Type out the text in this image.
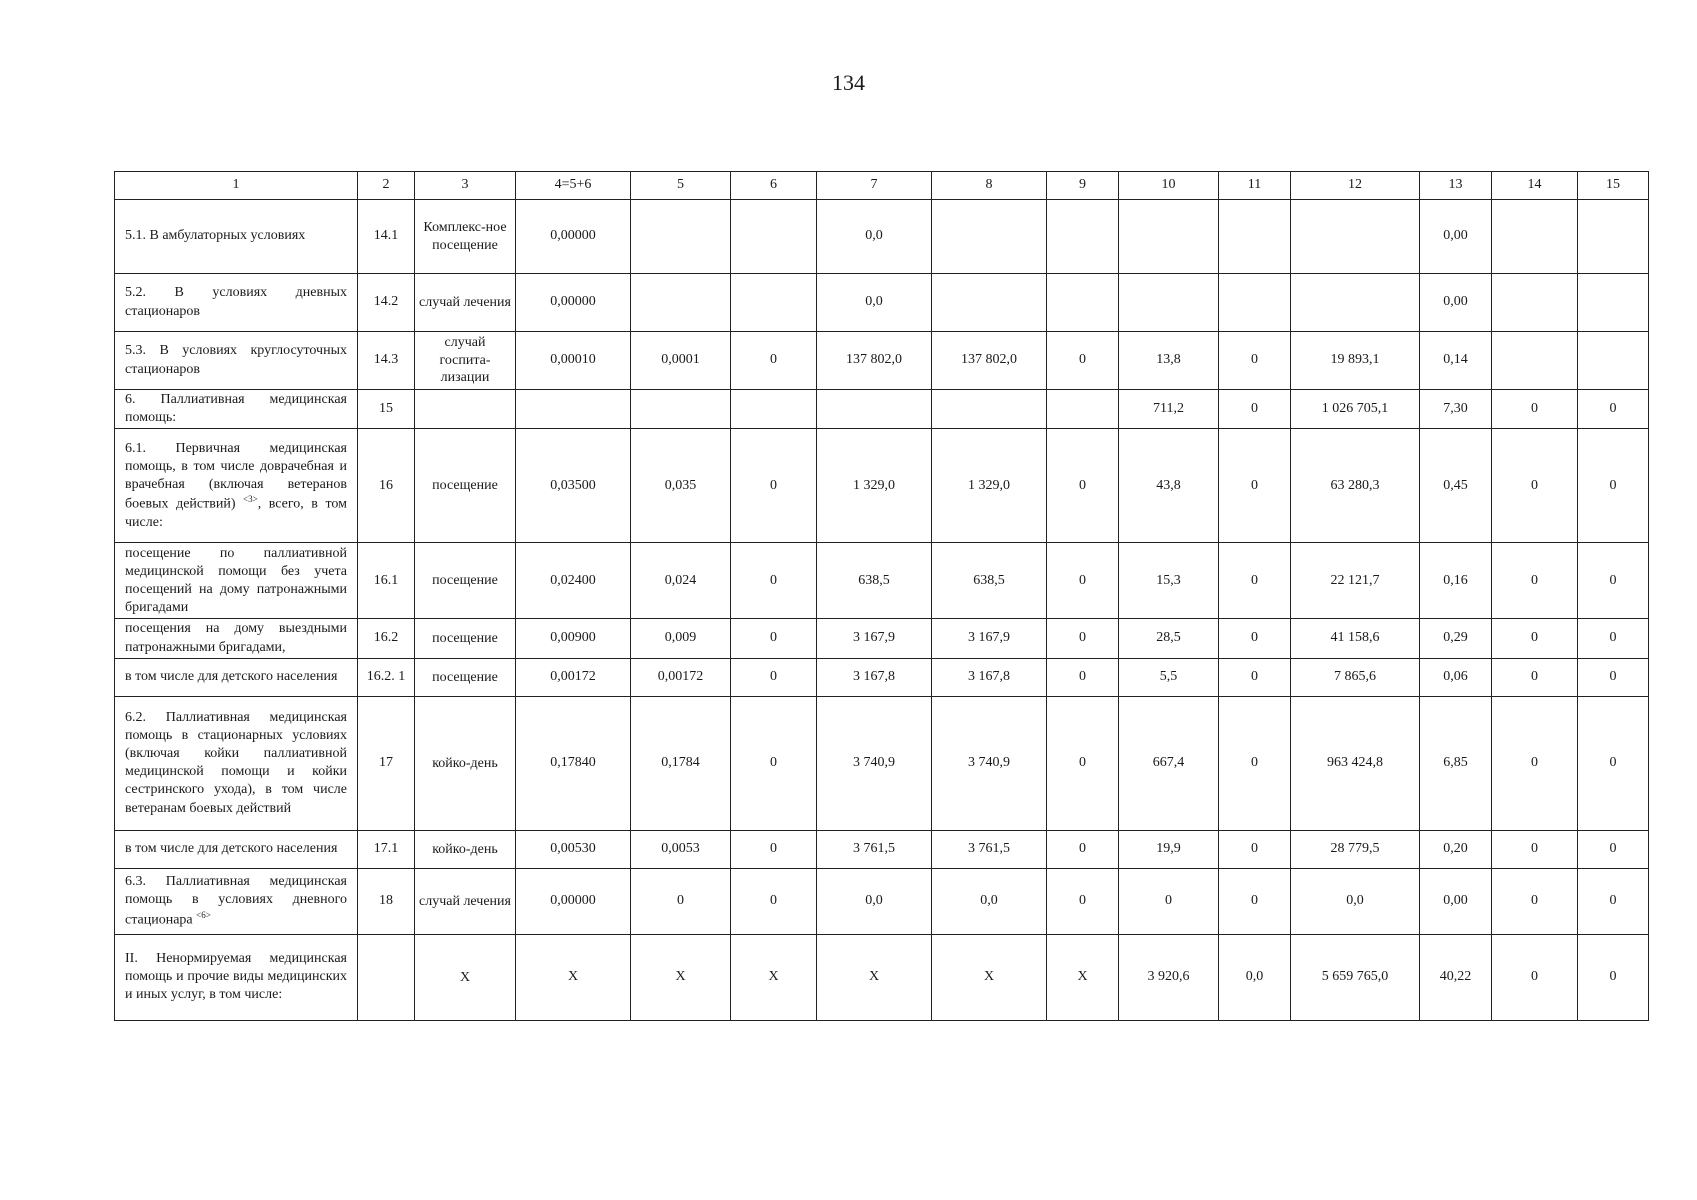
134
1	2	3	4=5+6	5	6	7	8	9	10	11	12	13	14	15
5.1. В амбулаторных условиях	14.1	Комплекс-ное посещение	0,00000			0,0						0,00		
5.2. В условиях дневных стационаров	14.2	случай лечения	0,00000			0,0						0,00		
5.3. В условиях круглосуточных стационаров	14.3	случай госпита-лизации	0,00010	0,0001	0	137 802,0	137 802,0	0	13,8	0	19 893,1	0,14		
6. Паллиативная медицинская помощь:	15								711,2	0	1 026 705,1	7,30	0	0
6.1. Первичная медицинская помощь, в том числе доврачебная и врачебная (включая ветеранов боевых действий) $^{<3>}$, всего, в том числе:	16	посещение	0,03500	0,035	0	1 329,0	1 329,0	0	43,8	0	63 280,3	0,45	0	0
посещение по паллиативной медицинской помощи без учета посещений на дому патронажными бригадами	16.1	посещение	0,02400	0,024	0	638,5	638,5	0	15,3	0	22 121,7	0,16	0	0
посещения на дому выездными патронажными бригадами,	16.2	посещение	0,00900	0,009	0	3 167,9	3 167,9	0	28,5	0	41 158,6	0,29	0	0
в том числе для детского населения	16.2. 1	посещение	0,00172	0,00172	0	3 167,8	3 167,8	0	5,5	0	7 865,6	0,06	0	0
6.2. Паллиативная медицинская помощь в стационарных условиях (включая койки паллиативной медицинской помощи и койки сестринского ухода), в том числе ветеранам боевых действий	17	койко-день	0,17840	0,1784	0	3 740,9	3 740,9	0	667,4	0	963 424,8	6,85	0	0
в том числе для детского населения	17.1	койко-день	0,00530	0,0053	0	3 761,5	3 761,5	0	19,9	0	28 779,5	0,20	0	0
6.3. Паллиативная медицинская помощь в условиях дневного стационара $^{<6>}$	18	случай лечения	0,00000	0	0	0,0	0,0	0	0	0	0,0	0,00	0	0
II. Ненормируемая медицинская помощь и прочие виды медицинских и иных услуг, в том числе:		X	X	X	X	X	X	X	3 920,6	0,0	5 659 765,0	40,22	0	0
